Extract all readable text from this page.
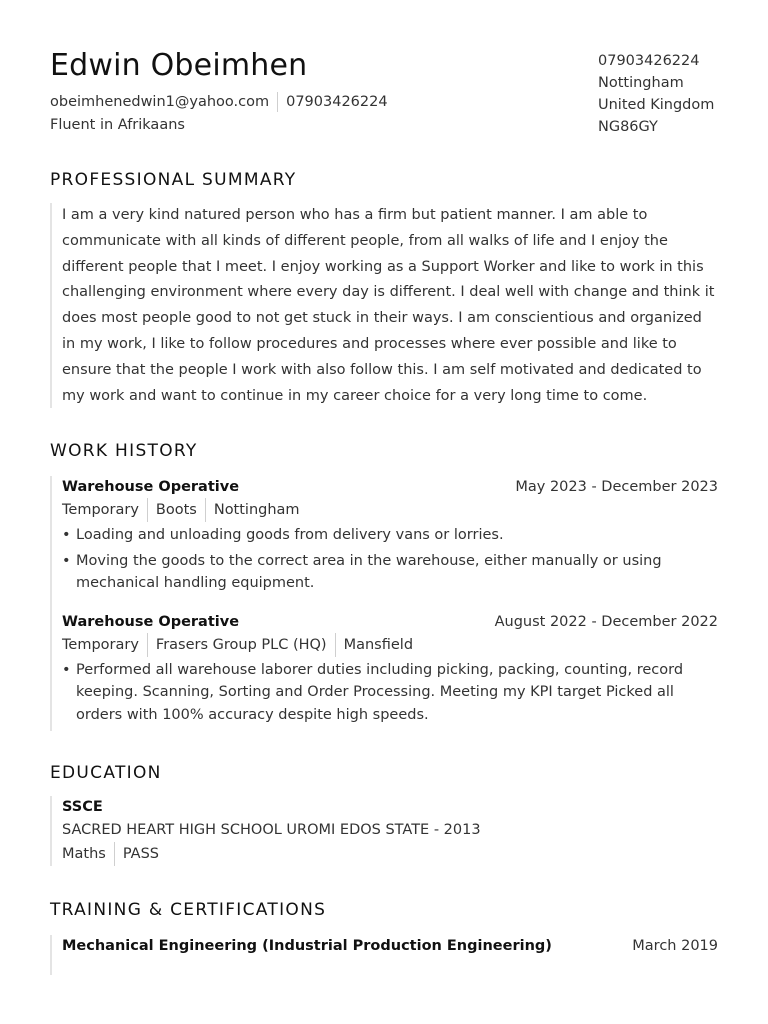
Edwin Obeimhen
obeimhenedwin1@yahoo.com 07903426224
Fluent in Afrikaans
07903426224
Nottingham
United Kingdom
NG86GY
PROFESSIONAL SUMMARY

I am a very kind natured person who has a firm but patient manner. I am able to communicate with all kinds of different people, from all walks of life and I enjoy the different people that I meet. I enjoy working as a Support Worker and like to work in this challenging environment where every day is different. I deal well with change and think it does most people good to not get stuck in their ways. I am conscientious and organized in my work, I like to follow procedures and processes where ever possible and like to ensure that the people I work with also follow this. I am self motivated and dedicated to my work and want to continue in my career choice for a very long time to come.

WORK HISTORY
Warehouse Operative	May 2023 - December 2023
Temporary Boots Nottingham
• Loading and unloading goods from delivery vans or lorries.
• Moving the goods to the correct area in the warehouse, either manually or using mechanical handling equipment.
Warehouse Operative	August 2022 - December 2022
Temporary Frasers Group PLC (HQ) Mansfield
• Performed all warehouse laborer duties including picking, packing, counting, record keeping. Scanning, Sorting and Order Processing. Meeting my KPI target Picked all orders with 100% accuracy despite high speeds.
EDUCATION
SSCE
SACRED HEART HIGH SCHOOL UROMI EDOS STATE - 2013
Maths PASS
TRAINING & CERTIFICATIONS
Mechanical Engineering (Industrial Production Engineering)	March 2019
